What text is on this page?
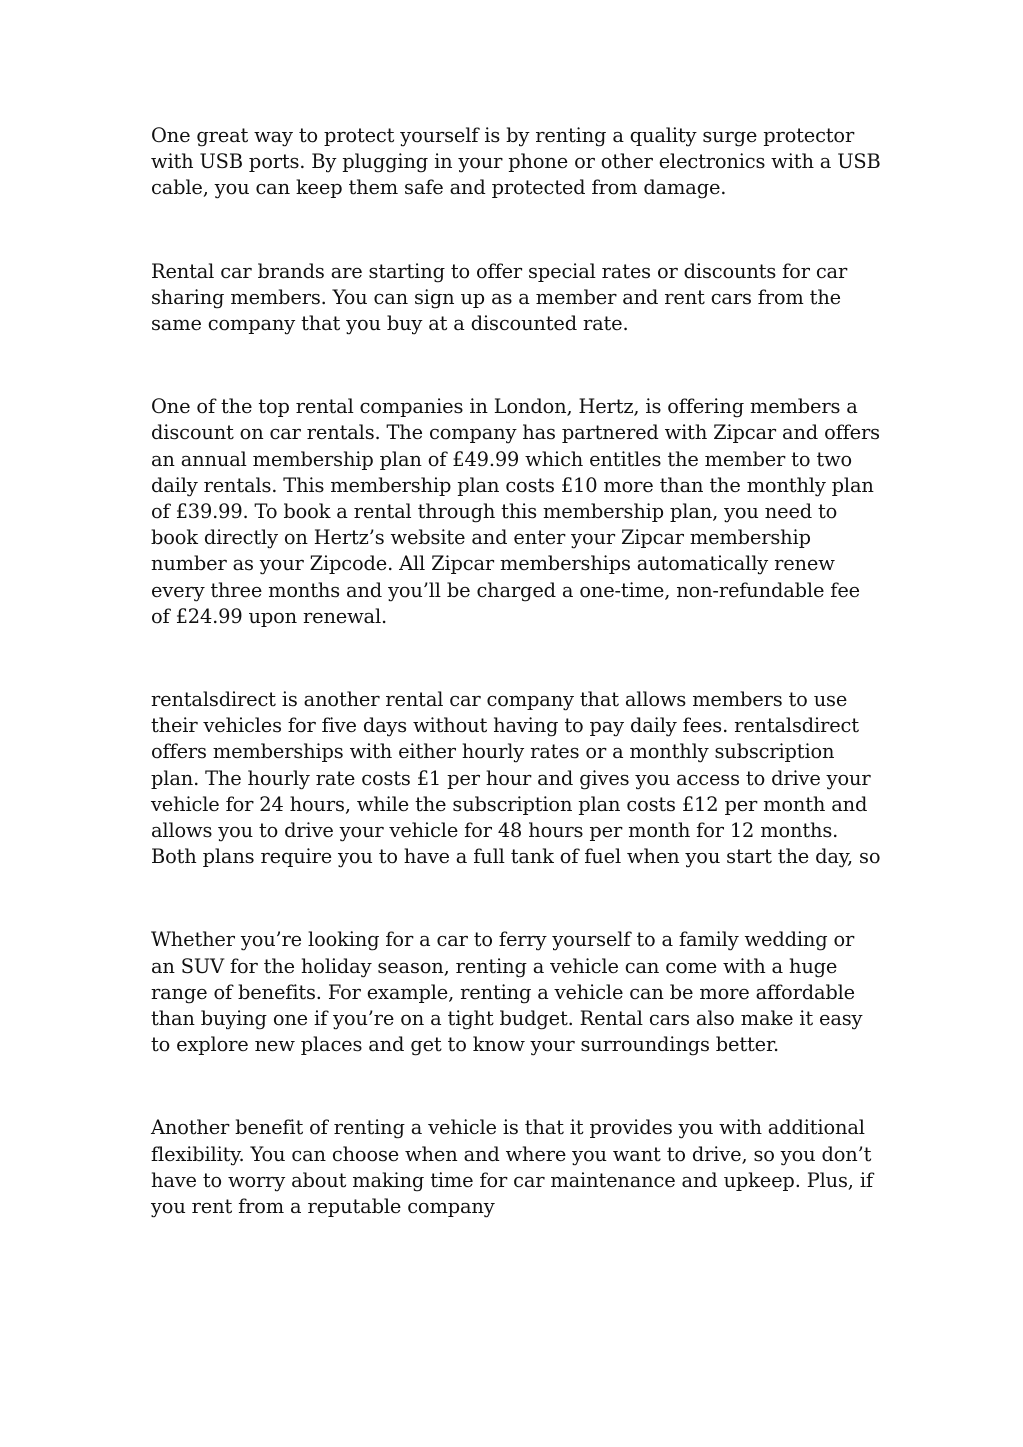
One great way to protect yourself is by renting a quality surge protector with USB ports. By plugging in your phone or other electronics with a USB cable, you can keep them safe and protected from damage.

Rental car brands are starting to offer special rates or discounts for car sharing members. You can sign up as a member and rent cars from the same company that you buy at a discounted rate.

One of the top rental companies in London, Hertz, is offering members a discount on car rentals. The company has partnered with Zipcar and offers an annual membership plan of £49.99 which entitles the member to two daily rentals. This membership plan costs £10 more than the monthly plan of £39.99. To book a rental through this membership plan, you need to book directly on Hertz’s website and enter your Zipcar membership number as your Zipcode. All Zipcar memberships automatically renew every three months and you’ll be charged a one-time, non-refundable fee of £24.99 upon renewal.

rentalsdirect is another rental car company that allows members to use their vehicles for five days without having to pay daily fees. rentalsdirect offers memberships with either hourly rates or a monthly subscription plan. The hourly rate costs £1 per hour and gives you access to drive your vehicle for 24 hours, while the subscription plan costs £12 per month and allows you to drive your vehicle for 48 hours per month for 12 months. Both plans require you to have a full tank of fuel when you start the day, so

Whether you’re looking for a car to ferry yourself to a family wedding or an SUV for the holiday season, renting a vehicle can come with a huge range of benefits. For example, renting a vehicle can be more affordable than buying one if you’re on a tight budget. Rental cars also make it easy to explore new places and get to know your surroundings better.

Another benefit of renting a vehicle is that it provides you with additional flexibility. You can choose when and where you want to drive, so you don’t have to worry about making time for car maintenance and upkeep. Plus, if you rent from a reputable company
